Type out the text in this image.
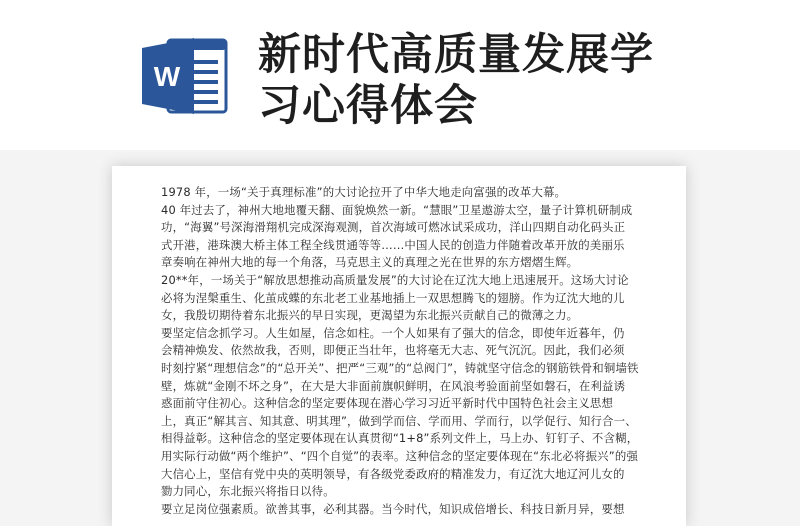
W 新时代高质量发展学
习心得体会
1978 年，一场“关于真理标准”的大讨论拉开了中华大地走向富强的改革大幕。
40 年过去了，神州大地地覆天翻、面貌焕然一新。“慧眼”卫星遨游太空，量子计算机研制成
功，“海翼”号深海滑翔机完成深海观测，首次海域可燃冰试采成功，洋山四期自动化码头正
式开港，港珠澳大桥主体工程全线贯通等等……中国人民的创造力伴随着改革开放的美丽乐
章奏响在神州大地的每一个角落，马克思主义的真理之光在世界的东方熠熠生辉。
20**年，一场关于“解放思想推动高质量发展”的大讨论在辽沈大地上迅速展开。这场大讨论
必将为涅槃重生、化茧成蝶的东北老工业基地插上一双思想腾飞的翅膀。作为辽沈大地的儿
女，我殷切期待着东北振兴的早日实现，更渴望为东北振兴贡献自己的微薄之力。
要坚定信念抓学习。人生如屋，信念如柱。一个人如果有了强大的信念，即使年近暮年，仍
会精神焕发、依然故我，否则，即便正当壮年，也将毫无大志、死气沉沉。因此，我们必须
时刻拧紧“理想信念”的“总开关”、把严“三观”的“总阀门”，铸就坚守信念的钢筋铁骨和铜墙铁
壁，炼就“金刚不坏之身”，在大是大非面前旗帜鲜明，在风浪考验面前坚如磐石，在利益诱
惑面前守住初心。这种信念的坚定要体现在潜心学习习近平新时代中国特色社会主义思想
上，真正“解其言、知其意、明其理”，做到学而信、学而用、学而行，以学促行、知行合一、
相得益彰。这种信念的坚定要体现在认真贯彻“1+8”系列文件上，马上办、钉钉子、不含糊，
用实际行动做“两个维护”、“四个自觉”的表率。这种信念的坚定要体现在“东北必将振兴”的强
大信心上，坚信有党中央的英明领导，有各级党委政府的精准发力，有辽沈大地辽河儿女的
勠力同心，东北振兴将指日以待。
要立足岗位强素质。欲善其事，必利其器。当今时代，知识成倍增长、科技日新月异，要想
